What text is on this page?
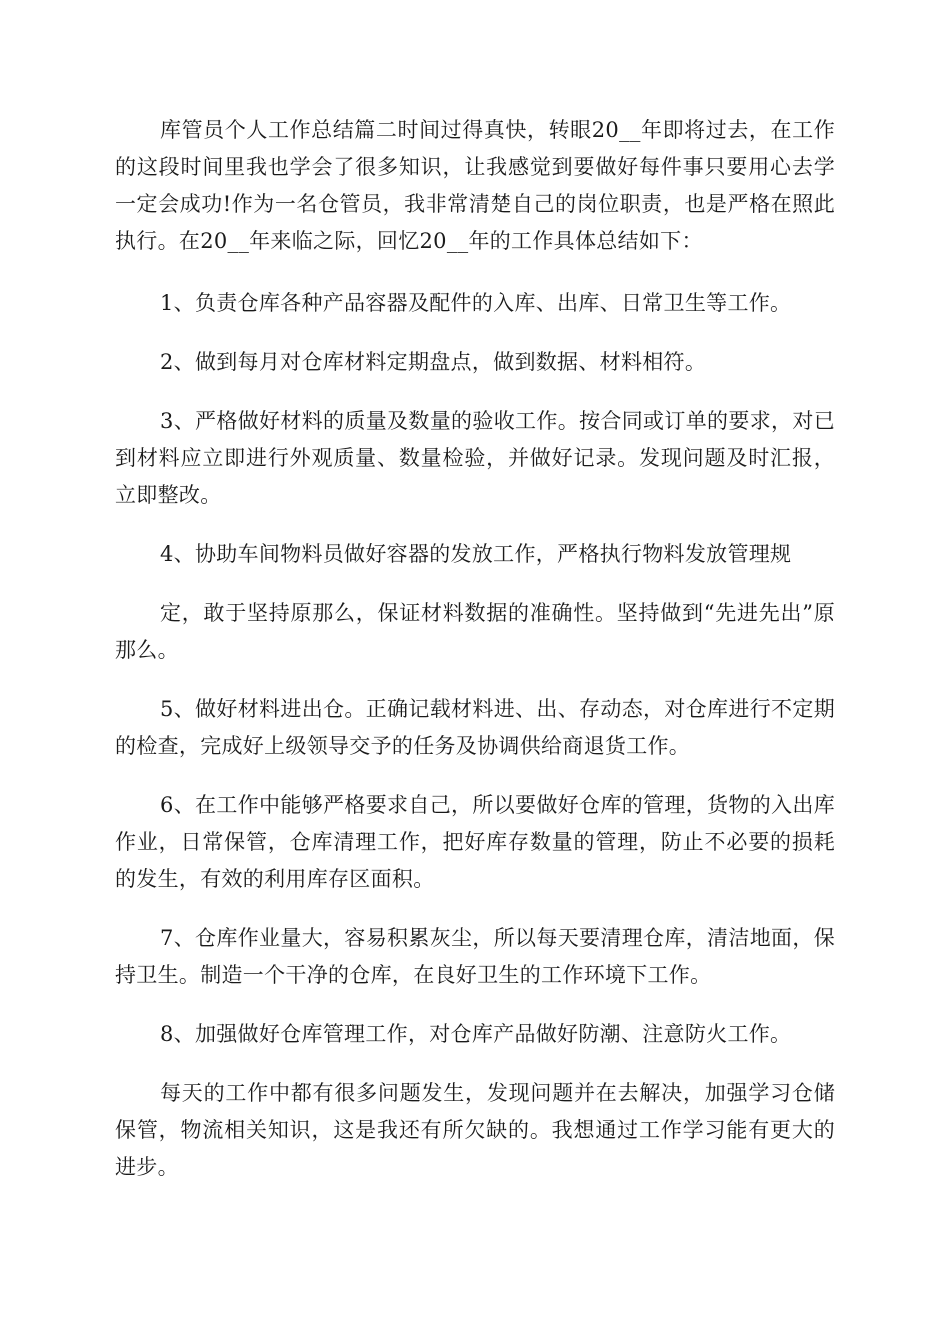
库管员个人工作总结篇二时间过得真快，转眼20__年即将过去，在工作的这段时间里我也学会了很多知识，让我感觉到要做好每件事只要用心去学一定会成功!作为一名仓管员，我非常清楚自己的岗位职责，也是严格在照此执行。在20__年来临之际，回忆20__年的工作具体总结如下：

1、负责仓库各种产品容器及配件的入库、出库、日常卫生等工作。

2、做到每月对仓库材料定期盘点，做到数据、材料相符。

3、严格做好材料的质量及数量的验收工作。按合同或订单的要求，对已到材料应立即进行外观质量、数量检验，并做好记录。发现问题及时汇报，立即整改。

4、协助车间物料员做好容器的发放工作，严格执行物料发放管理规

定，敢于坚持原那么，保证材料数据的准确性。坚持做到“先进先出”原那么。

5、做好材料进出仓。正确记载材料进、出、存动态，对仓库进行不定期的检查，完成好上级领导交予的任务及协调供给商退货工作。

6、在工作中能够严格要求自己，所以要做好仓库的管理，货物的入出库作业，日常保管，仓库清理工作，把好库存数量的管理，防止不必要的损耗的发生，有效的利用库存区面积。

7、仓库作业量大，容易积累灰尘，所以每天要清理仓库，清洁地面，保持卫生。制造一个干净的仓库，在良好卫生的工作环境下工作。

8、加强做好仓库管理工作，对仓库产品做好防潮、注意防火工作。

每天的工作中都有很多问题发生，发现问题并在去解决，加强学习仓储保管，物流相关知识，这是我还有所欠缺的。我想通过工作学习能有更大的进步。
